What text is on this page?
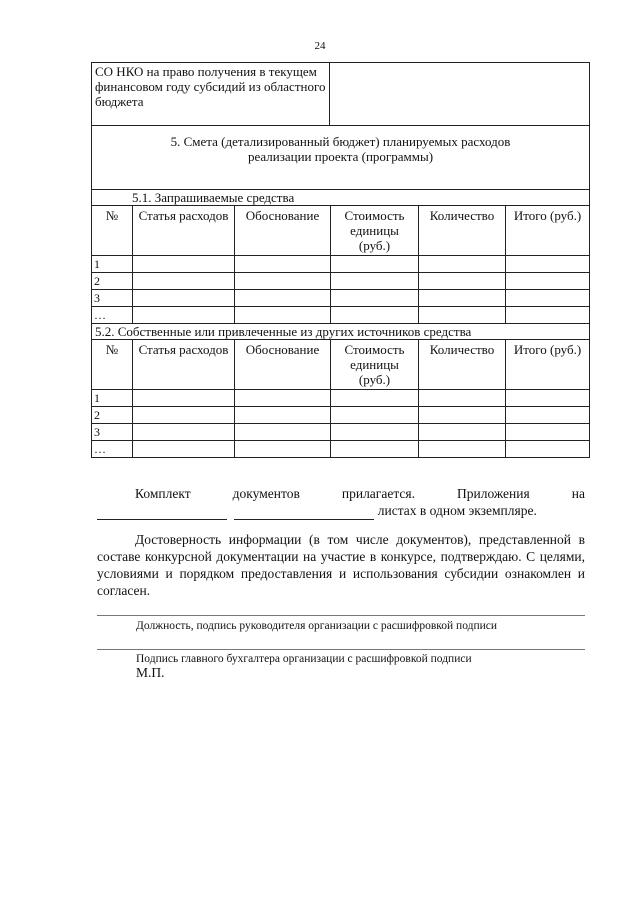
24
СО НКО на право получения в текущем финансовом году субсидий из областного бюджета	

5. Смета (детализированный бюджет) планируемых расходов
реализации проекта (программы)
5.1. Запрашиваемые средства
№	Статья расходов	Обоснование	Стоимость единицы (руб.)	Количество	Итого (руб.)
1					
2					
3					
…					
5.2. Собственные или привлеченные из других источников средства
№	Статья расходов	Обоснование	Стоимость единицы (руб.)	Количество	Итого (руб.)
1					
2					
3					
…					
Комплект	документов	прилагается.	Приложения	на
листах в одном экземпляре.
Достоверность информации (в том числе документов), представленной в составе конкурсной документации на участие в конкурсе, подтверждаю. С целями, условиями и порядком предоставления и использования субсидии ознакомлен и согласен.
Должность, подпись руководителя организации с расшифровкой подписи
Подпись главного бухгалтера организации с расшифровкой подписи
М.П.
